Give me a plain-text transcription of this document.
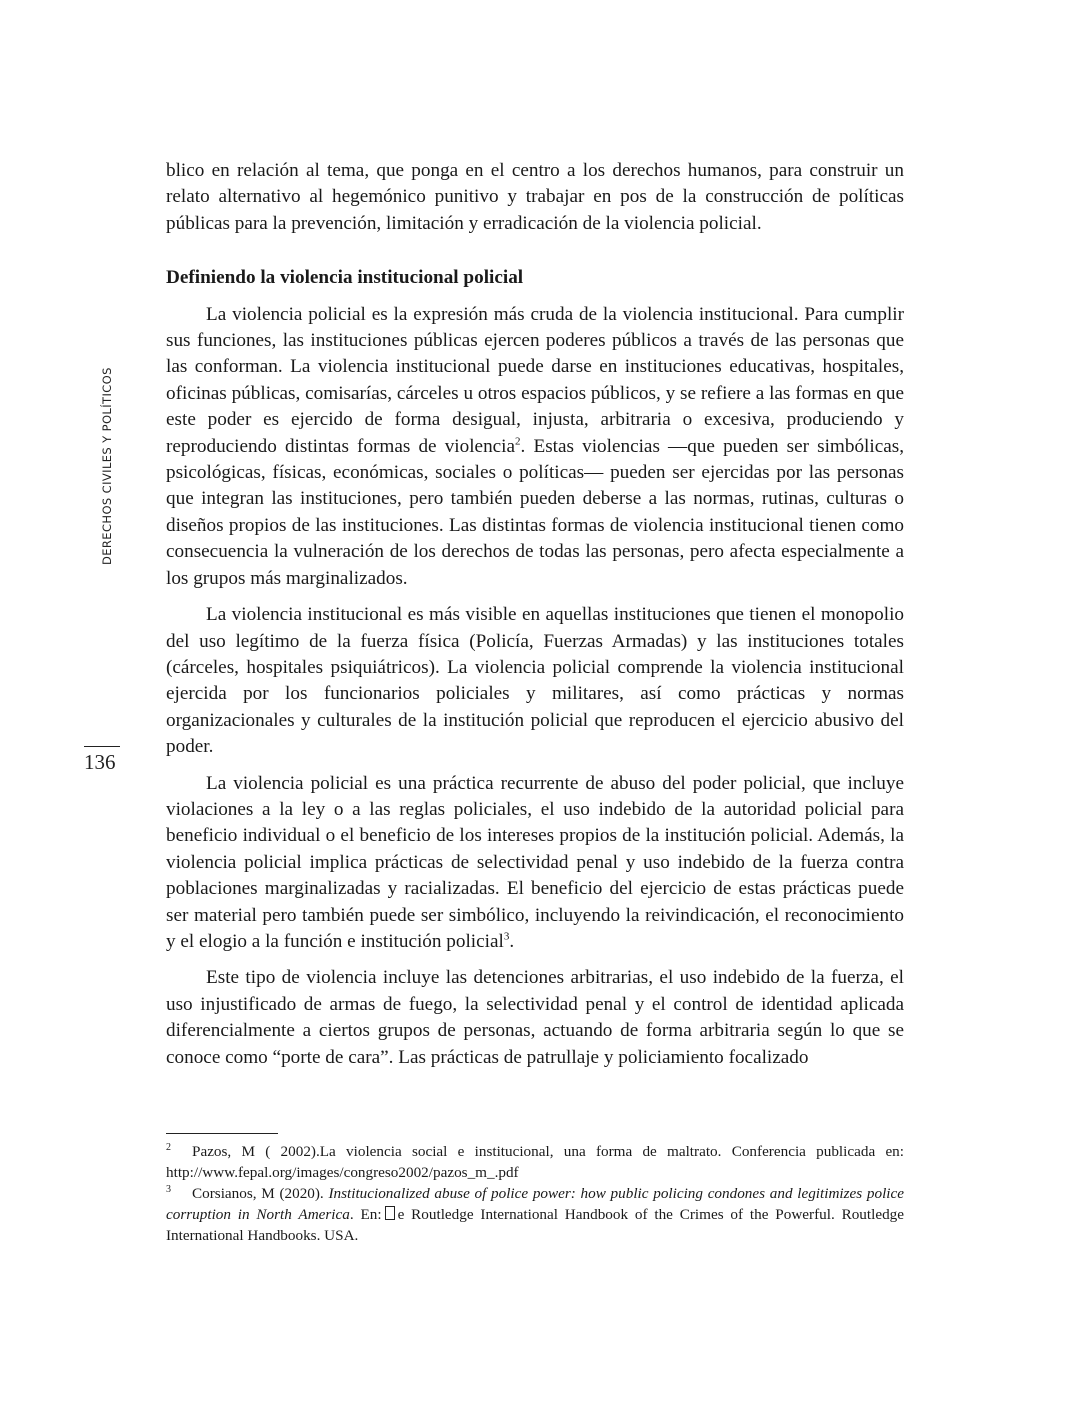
DERECHOS CIVILES Y POLÍTICOS
136

blico en relación al tema, que ponga en el centro a los derechos humanos, para construir un relato alternativo al hegemónico punitivo y trabajar en pos de la construcción de políticas públicas para la prevención, limitación y erradicación de la violencia policial.

Definiendo la violencia institucional policial

La violencia policial es la expresión más cruda de la violencia institucional. Para cumplir sus funciones, las instituciones públicas ejercen poderes públicos a través de las personas que las conforman. La violencia institucional puede darse en instituciones educativas, hospitales, oficinas públicas, comisarías, cárceles u otros espacios públicos, y se refiere a las formas en que este poder es ejercido de forma desigual, injusta, arbitraria o excesiva, produciendo y reproduciendo distintas formas de violencia$^2$. Estas violencias —que pueden ser simbólicas, psicológicas, físicas, económicas, sociales o políticas— pueden ser ejercidas por las personas que integran las instituciones, pero también pueden deberse a las normas, rutinas, culturas o diseños propios de las instituciones. Las distintas formas de violencia institucional tienen como consecuencia la vulneración de los derechos de todas las personas, pero afecta especialmente a los grupos más marginalizados.

La violencia institucional es más visible en aquellas instituciones que tienen el monopolio del uso legítimo de la fuerza física (Policía, Fuerzas Armadas) y las instituciones totales (cárceles, hospitales psiquiátricos). La violencia policial comprende la violencia institucional ejercida por los funcionarios policiales y militares, así como prácticas y normas organizacionales y culturales de la institución policial que reproducen el ejercicio abusivo del poder.

La violencia policial es una práctica recurrente de abuso del poder policial, que incluye violaciones a la ley o a las reglas policiales, el uso indebido de la autoridad policial para beneficio individual o el beneficio de los intereses propios de la institución policial. Además, la violencia policial implica prácticas de selectividad penal y uso indebido de la fuerza contra poblaciones marginalizadas y racializadas. El beneficio del ejercicio de estas prácticas puede ser material pero también puede ser simbólico, incluyendo la reivindicación, el reconocimiento y el elogio a la función e institución policial$^3$.

Este tipo de violencia incluye las detenciones arbitrarias, el uso indebido de la fuerza, el uso injustificado de armas de fuego, la selectividad penal y el control de identidad aplicada diferencialmente a ciertos grupos de personas, actuando de forma arbitraria según lo que se conoce como “porte de cara”. Las prácticas de patrullaje y policiamiento focalizado

2 Pazos, M ( 2002).La violencia social e institucional, una forma de maltrato. Conferencia publicada en: http://www.fepal.org/images/congreso2002/pazos_m_.pdf

3 Corsianos, M (2020). Institucionalized abuse of police power: how public policing condones and legitimizes police corruption in North America. En: e Routledge International Handbook of the Crimes of the Powerful. Routledge International Handbooks. USA.
